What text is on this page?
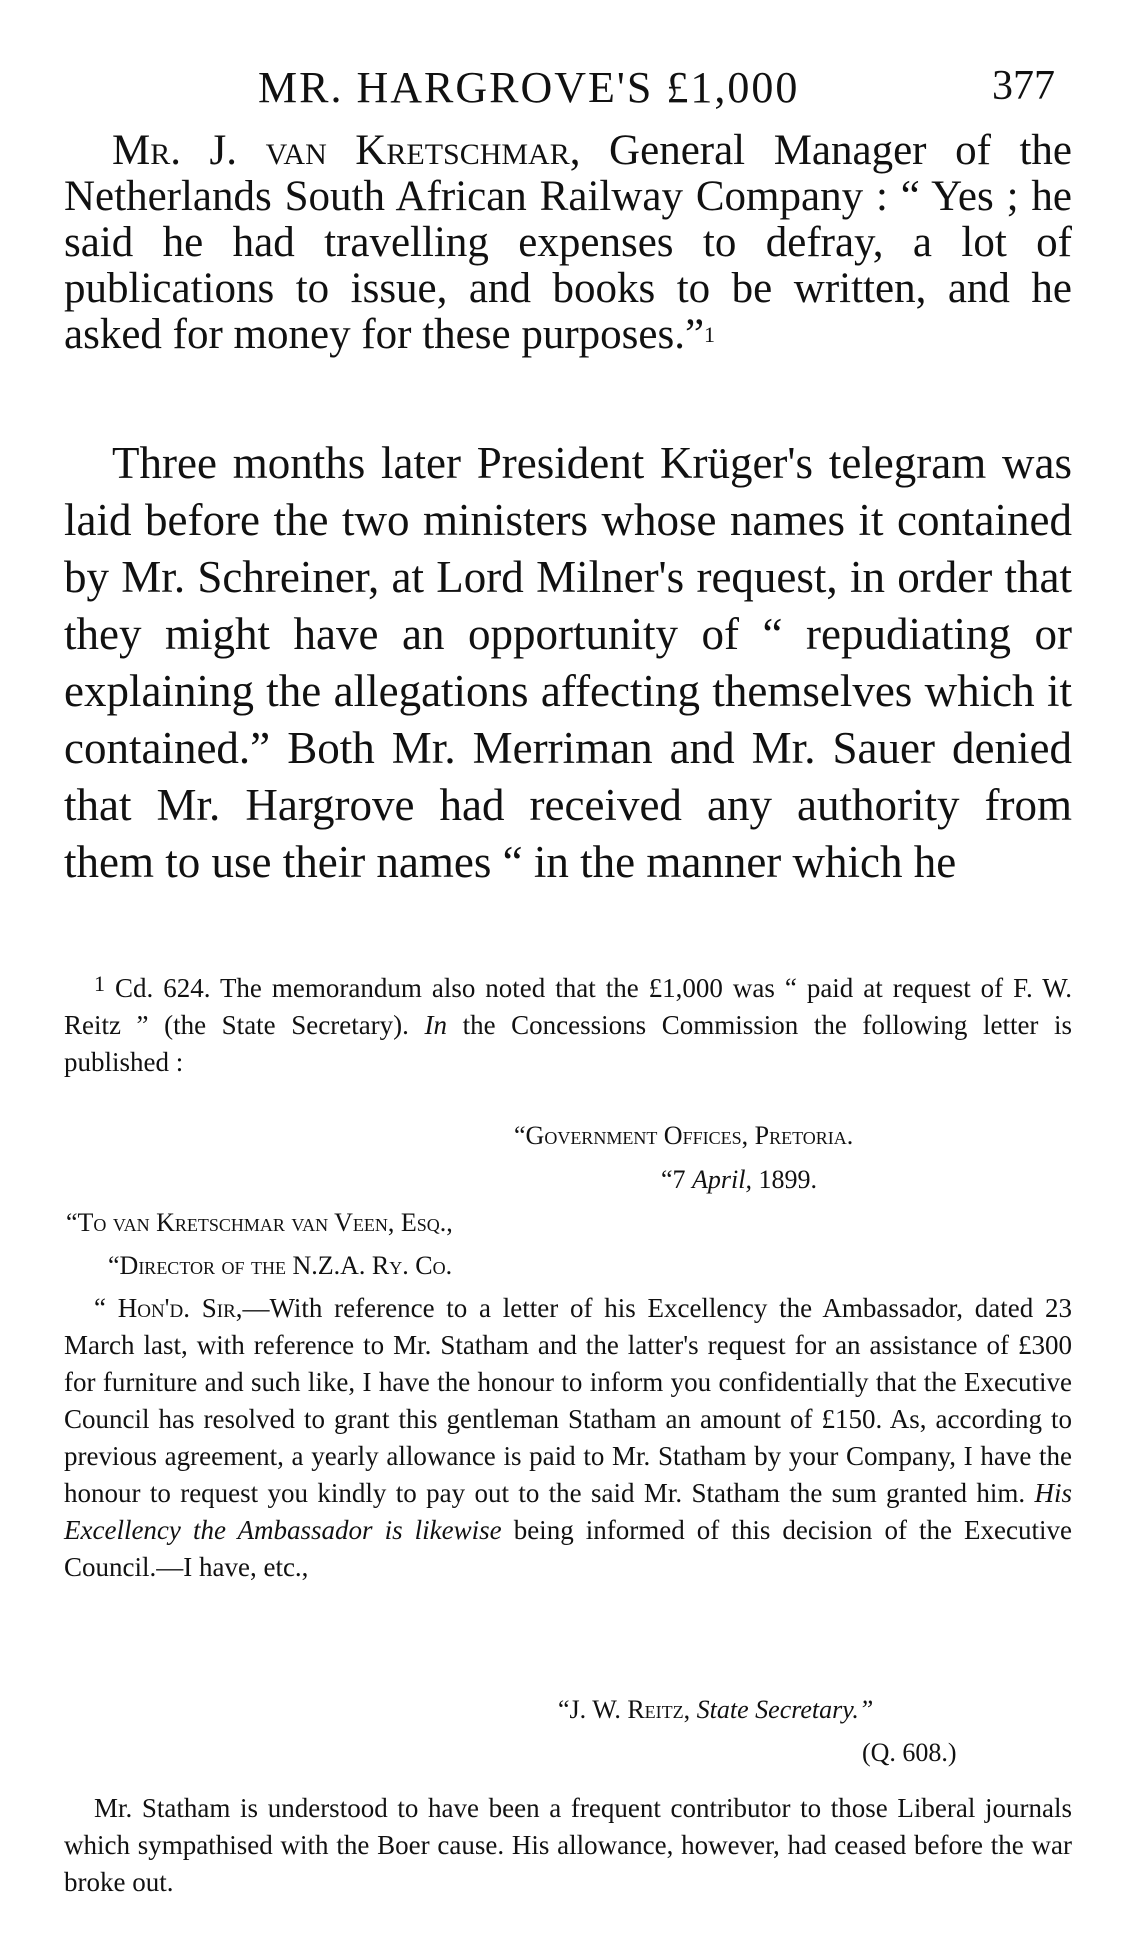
MR. HARGROVE'S £1,000	377

Mr. J. van Kretschmar, General Manager of the Netherlands South African Railway Company : “ Yes ; he said he had travelling expenses to defray, a lot of publications to issue, and books to be written, and he asked for money for these purposes.”$^1$

Three months later President Krüger's telegram was laid before the two ministers whose names it contained by Mr. Schreiner, at Lord Milner's request, in order that they might have an opportunity of “ repudiating or explaining the allegations affecting themselves which it contained.” Both Mr. Merriman and Mr. Sauer denied that Mr. Hargrove had received any authority from them to use their names “ in the manner which he

$^1$ Cd. 624. The memorandum also noted that the £1,000 was “ paid at request of F. W. Reitz ” (the State Secretary). In the Concessions Commission the following letter is published :

“Government Offices, Pretoria.
“7 April, 1899.
“To van Kretschmar van Veen, Esq.,
“Director of the N.Z.A. Ry. Co.

“ Hon'd. Sir,—With reference to a letter of his Excellency the Ambassador, dated 23 March last, with reference to Mr. Statham and the latter's request for an assistance of £300 for furniture and such like, I have the honour to inform you confidentially that the Executive Council has resolved to grant this gentleman Statham an amount of £150. As, according to previous agreement, a yearly allowance is paid to Mr. Statham by your Company, I have the honour to request you kindly to pay out to the said Mr. Statham the sum granted him. His Excellency the Ambassador is likewise being informed of this decision of the Executive Council.—I have, etc.,

“J. W. Reitz, State Secretary.”
(Q. 608.)

Mr. Statham is understood to have been a frequent contributor to those Liberal journals which sympathised with the Boer cause. His allowance, however, had ceased before the war broke out.
